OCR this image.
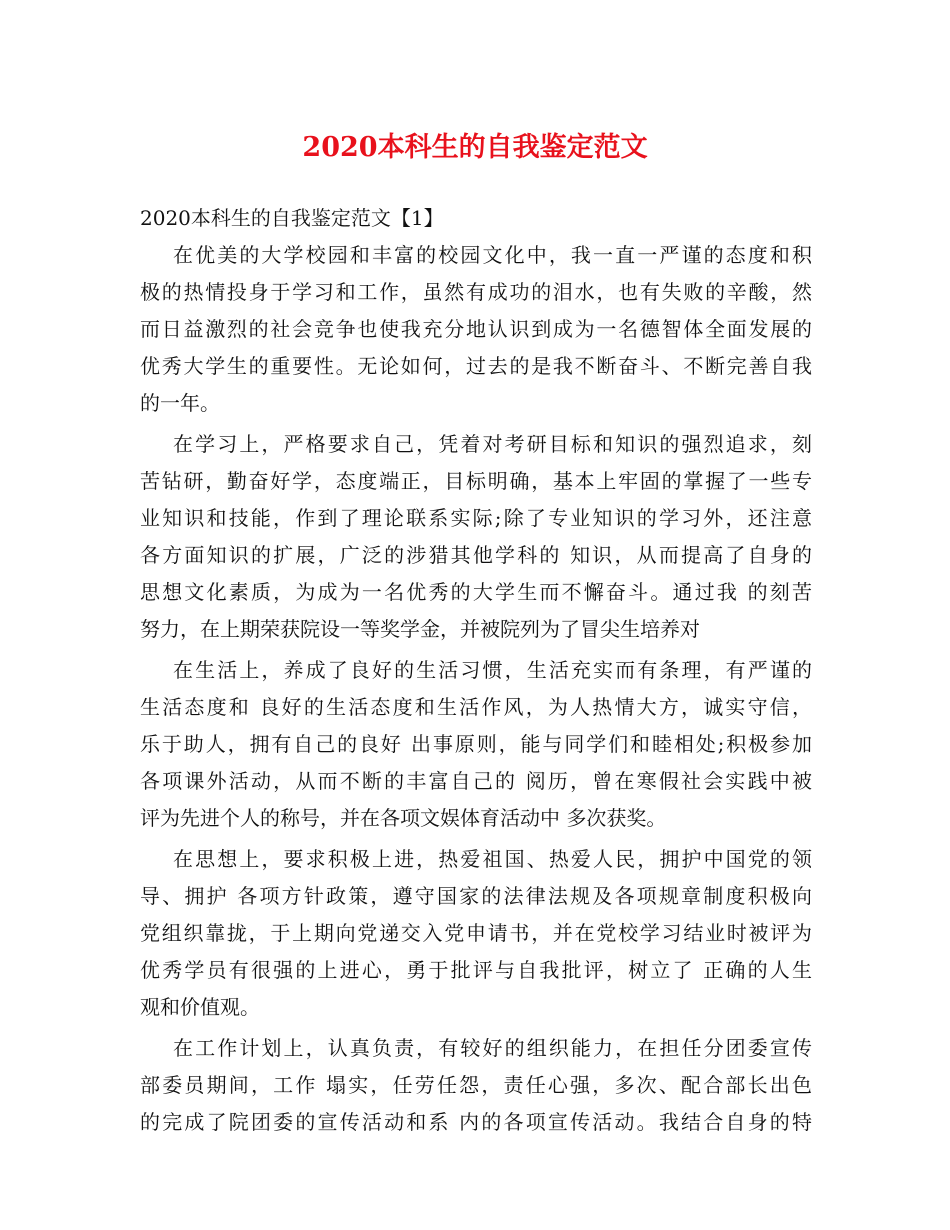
2020本科生的自我鉴定范文

2020本科生的自我鉴定范文【1】

在优美的大学校园和丰富的校园文化中，我一直一严谨的态度和积
极的热情投身于学习和工作，虽然有成功的泪水，也有失败的辛酸，然
而日益激烈的社会竞争也使我充分地认识到成为一名德智体全面发展的
优秀大学生的重要性。无论如何，过去的是我不断奋斗、不断完善自我
的一年。
在学习上，严格要求自己，凭着对考研目标和知识的强烈追求，刻
苦钻研，勤奋好学，态度端正，目标明确，基本上牢固的掌握了一些专
业知识和技能，作到了理论联系实际;除了专业知识的学习外，还注意
各方面知识的扩展，广泛的涉猎其他学科的 知识，从而提高了自身的
思想文化素质，为成为一名优秀的大学生而不懈奋斗。通过我 的刻苦
努力，在上期荣获院设一等奖学金，并被院列为了冒尖生培养对
在生活上，养成了良好的生活习惯，生活充实而有条理，有严谨的
生活态度和 良好的生活态度和生活作风，为人热情大方，诚实守信，
乐于助人，拥有自己的良好 出事原则，能与同学们和睦相处;积极参加
各项课外活动，从而不断的丰富自己的 阅历，曾在寒假社会实践中被
评为先进个人的称号，并在各项文娱体育活动中 多次获奖。
在思想上，要求积极上进，热爱祖国、热爱人民，拥护中国党的领
导、拥护 各项方针政策，遵守国家的法律法规及各项规章制度积极向
党组织靠拢，于上期向党递交入党申请书，并在党校学习结业时被评为
优秀学员有很强的上进心，勇于批评与自我批评，树立了 正确的人生
观和价值观。
在工作计划上，认真负责，有较好的组织能力，在担任分团委宣传
部委员期间，工作 塌实，任劳任怨，责任心强，多次、配合部长出色
的完成了院团委的宣传活动和系 内的各项宣传活动。我结合自身的特
